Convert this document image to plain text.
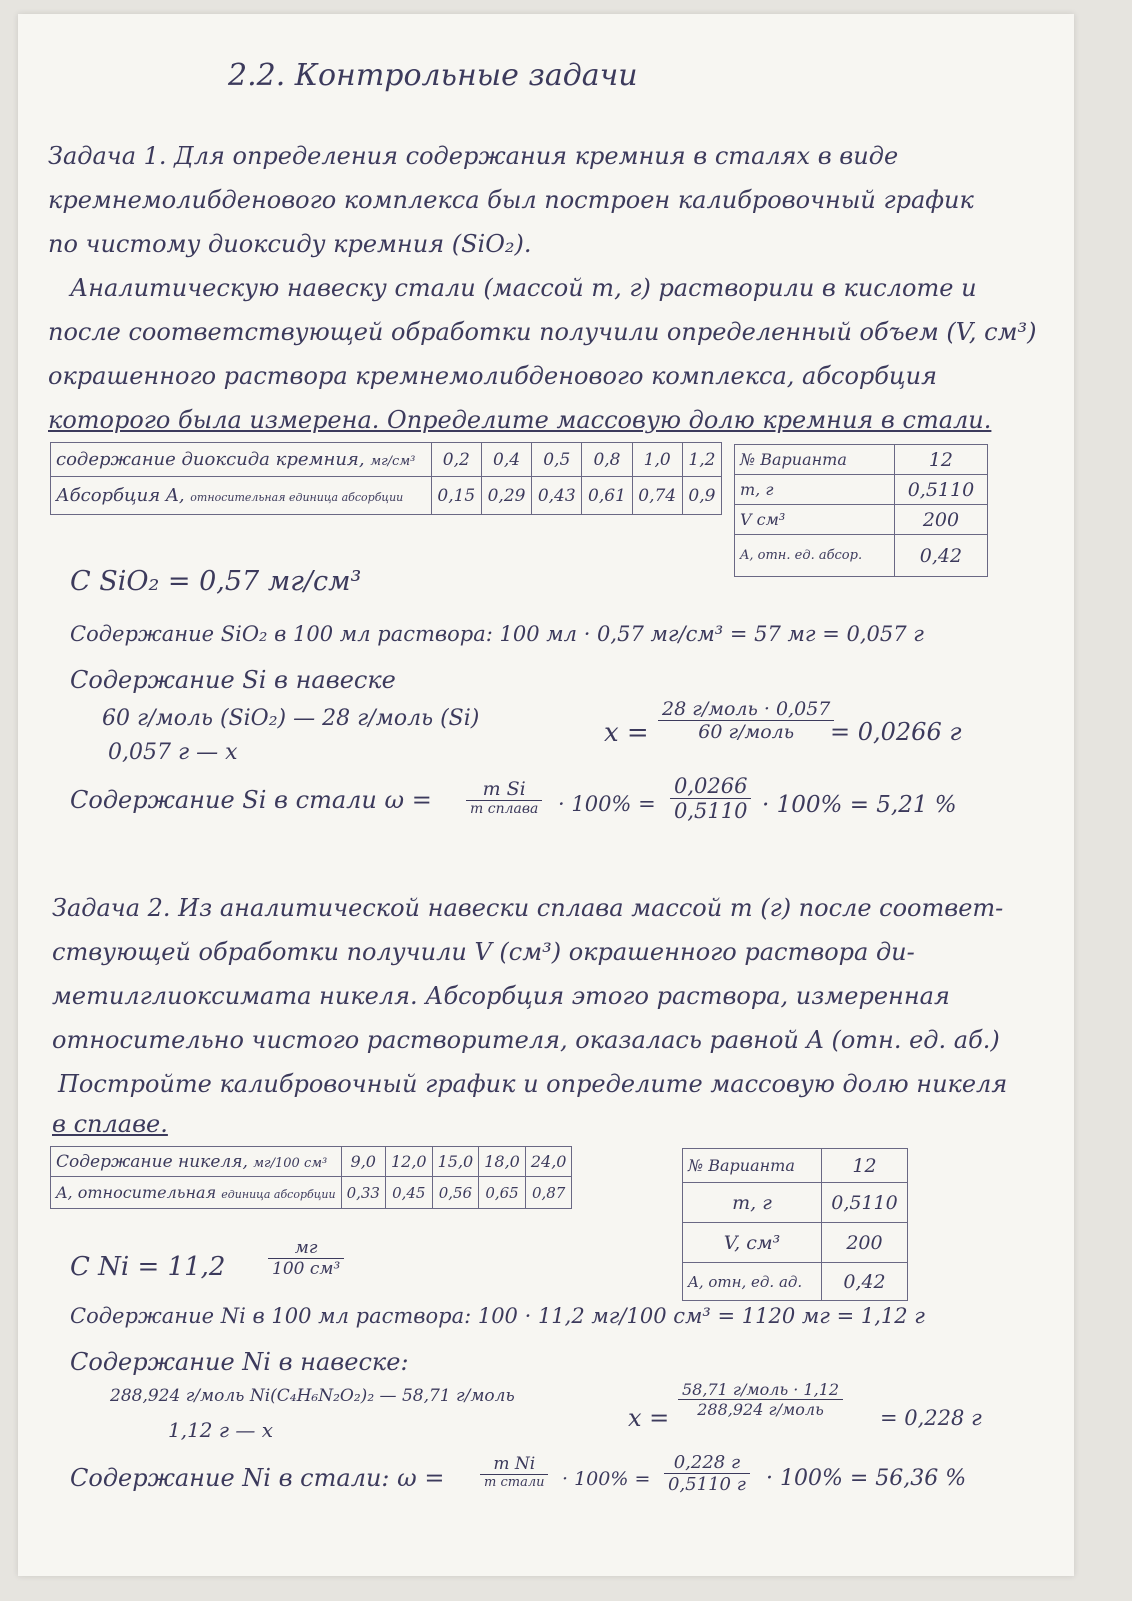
2.2. Контрольные задачи
Задача 1. Для определения содержания кремния в сталях в виде
кремнемолибденового комплекса был построен калибровочный график
по чистому диоксиду кремния (SiO₂).
Аналитическую навеску стали (массой m, г) растворили в кислоте и
после соответствующей обработки получили определенный объем (V, см³)
окрашенного раствора кремнемолибденового комплекса, абсорбция
которого была измерена. Определите массовую долю кремния в стали.
содержание диоксида кремния, мг/см³	0,2	0,4	0,5	0,8	1,0	1,2
Абсорбция A, относительная единица абсорбции	0,15	0,29	0,43	0,61	0,74	0,9
№ Варианта	12
m, г	0,5110
V см³	200
A, отн. ед. абсор.	0,42
C SiO₂ = 0,57 мг/см³
Содержание SiO₂ в 100 мл раствора: 100 мл · 0,57 мг/см³ = 57 мг = 0,057 г
Содержание Si в навеске
60 г/моль (SiO₂) — 28 г/моль (Si)
0,057 г — x
x =
28 г/моль · 0,057
60 г/моль	= 0,0266 г
Содержание Si в стали ω =	m Si
m сплава · $100\% = \frac{0,0266}{0,5110} \cdot 100\% = 5,21$ %
Задача 2. Из аналитической навески сплава массой m (г) после соответ-
ствующей обработки получили V (см³) окрашенного раствора ди-
метилглиоксимата никеля. Абсорбция этого раствора, измеренная
относительно чистого растворителя, оказалась равной A (отн. ед. аб.)
Постройте калибровочный график и определите массовую долю никеля
в сплаве.
Содержание никеля, мг/100 см³	9,0	12,0	15,0	18,0	24,0
A, относительная единица абсорбции	0,33	0,45	0,56	0,65	0,87
№ Варианта	12
m, г	0,5110
V, см³	200
A, отн, ед. ад.	0,42
C Ni = 11,2
мг
100 см³
Содержание Ni в 100 мл раствора: 100 · 11,2 мг/100 см³ = 1120 мг = 1,12 г
Содержание Ni в навеске:
288,924 г/моль Ni(C₄H₆N₂O₂)₂ — 58,71 г/моль
1,12 г — x	x =
58,71 г/моль · 1,12
288,924 г/моль	= 0,228 г
Содержание Ni в стали: ω =	m Ni
m стали · 100% =
0,228 г
0,5110 г · 100% = 56,36 %
